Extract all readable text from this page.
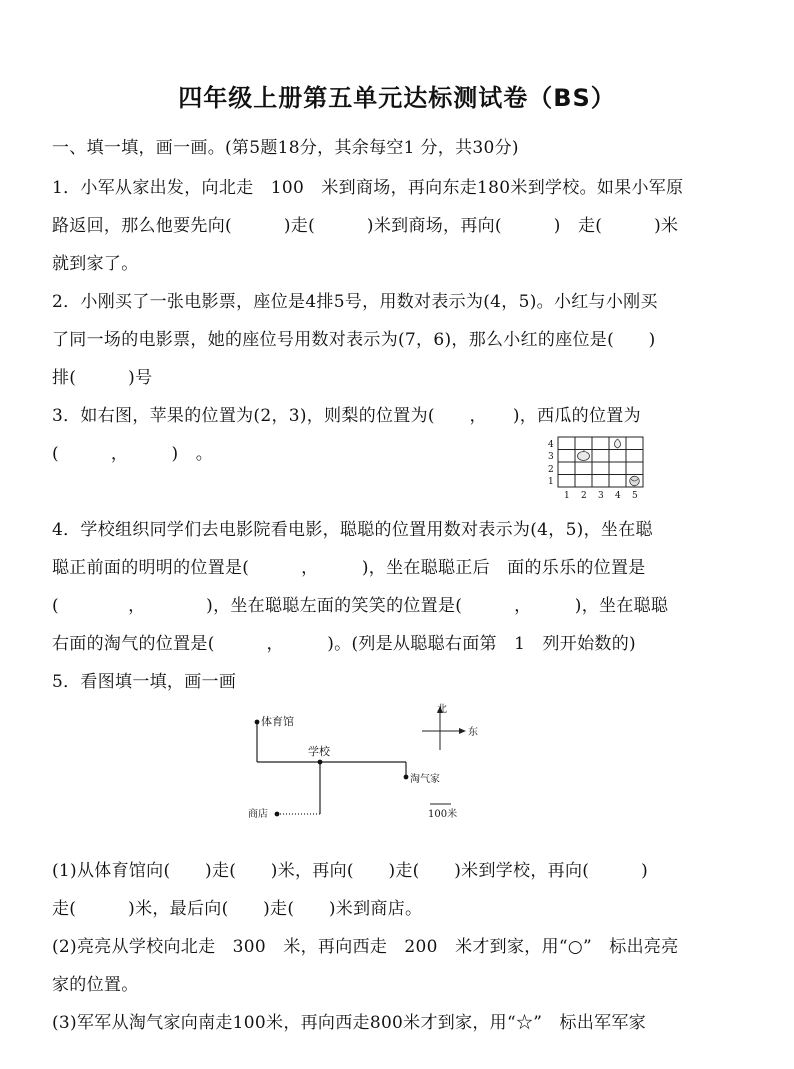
四年级上册第五单元达标测试卷（BS）
一、填一填，画一画。(第5题18分，其余每空1 分，共30分)
1．小军从家出发，向北走　100　米到商场，再向东走180米到学校。如果小军原
路返回，那么他要先向(　　　)走(　　　)米到商场，再向(　　　)　走(　　　)米
就到家了。
2．小刚买了一张电影票，座位是4排5号，用数对表示为(4，5)。小红与小刚买
了同一场的电影票，她的座位号用数对表示为(7，6)，那么小红的座位是(　　)
排(　　　)号
3．如右图，苹果的位置为(2，3)，则梨的位置为(　　，　　)，西瓜的位置为
(　　　，　　　)　。
4．学校组织同学们去电影院看电影，聪聪的位置用数对表示为(4，5)，坐在聪
聪正前面的明明的位置是(　　　，　　　)，坐在聪聪正后　面的乐乐的位置是
(　　　　，　　　　)，坐在聪聪左面的笑笑的位置是(　　　，　　　)，坐在聪聪
右面的淘气的位置是(　　　，　　　)。(列是从聪聪右面第　1　列开始数的)
5．看图填一填，画一画
(1)从体育馆向(　　)走(　　)米，再向(　　)走(　　)米到学校，再向(　　　)
走(　　　)米，最后向(　　)走(　　)米到商店。
(2)亮亮从学校向北走　300　米，再向西走　200　米才到家，用“○”　标出亮亮
家的位置。
(3)军军从淘气家向南走100米，再向西走800米才到家，用“☆”　标出军军家
4
3
2
1
1 2 3 4 5
体育馆
学校
淘气家
商店
北
东
100米
